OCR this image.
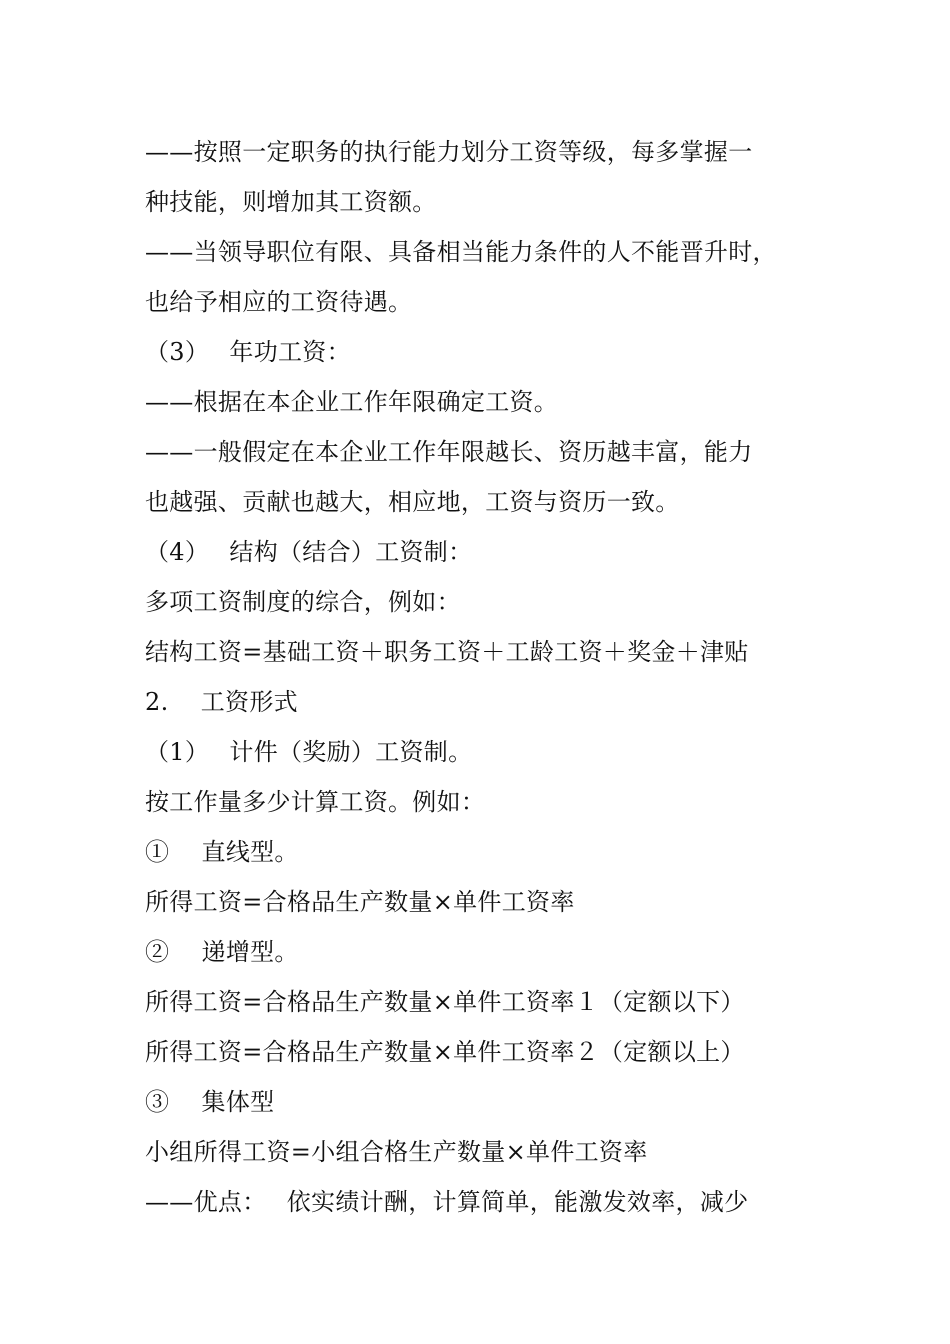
——按照一定职务的执行能力划分工资等级，每多掌握一
种技能，则增加其工资额。
——当领导职位有限、具备相当能力条件的人不能晋升时，
也给予相应的工资待遇。
（3）　 年功工资：
——根据在本企业工作年限确定工资。
——一般假定在本企业工作年限越长、资历越丰富，能力
也越强、贡献也越大，相应地，工资与资历一致。
（4）　 结构（结合）工资制：
多项工资制度的综合，例如：
结构工资=基础工资＋职务工资＋工龄工资＋奖金＋津贴
2.　 工资形式
（1）　 计件（奖励）工资制。
按工作量多少计算工资。例如：
①　 直线型。
所得工资=合格品生产数量×单件工资率
②　 递增型。
所得工资=合格品生产数量×单件工资率１（定额以下）
所得工资=合格品生产数量×单件工资率２（定额以上）
③　 集体型
小组所得工资=小组合格生产数量×单件工资率
——优点：　 依实绩计酬，计算简单，能激发效率，减少
